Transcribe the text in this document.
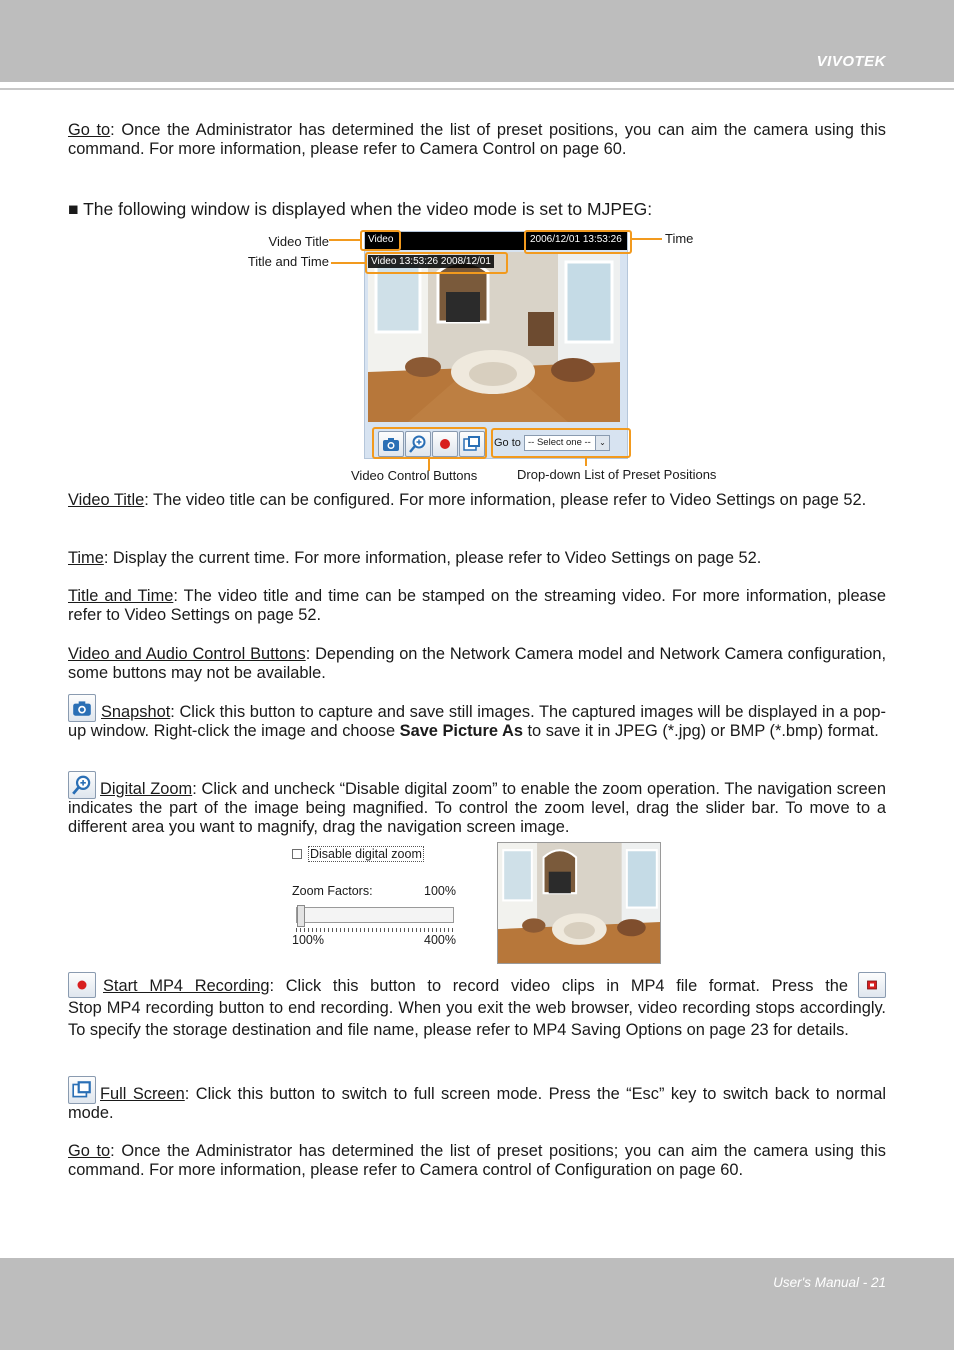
VIVOTEK

Go to: Once the Administrator has determined the list of preset positions, you can aim the camera using this command. For more information, please refer to Camera Control on page 60.

■ The following window is displayed when the video mode is set to MJPEG:

Video	2006/12/01 13:53:26
Video 13:53:26 2008/12/01
Go to -- Select one --	⌄
Video Title
Title and Time
Time
Video Control Buttons	Drop-down List of Preset Positions

Video Title: The video title can be configured. For more information, please refer to Video Settings on page 52.

Time: Display the current time. For more information, please refer to Video Settings on page 52.

Title and Time: The video title and time can be stamped on the streaming video. For more information, please refer to Video Settings on page 52.

Video and Audio Control Buttons: Depending on the Network Camera model and Network Camera configuration, some buttons may not be available.

Snapshot: Click this button to capture and save still images. The captured images will be displayed in a pop-up window. Right-click the image and choose Save Picture As to save it in JPEG (*.jpg) or BMP (*.bmp) format.

Digital Zoom: Click and uncheck “Disable digital zoom” to enable the zoom operation. The navigation screen indicates the part of the image being magnified. To control the zoom level, drag the slider bar. To move to a different area you want to magnify, drag the navigation screen image.

Disable digital zoom
Zoom Factors:	100%
100%	400%

Start MP4 Recording: Click this button to record video clips in MP4 file format. Press the

Stop MP4 recording button to end recording. When you exit the web browser, video recording stops accordingly. To specify the storage destination and file name, please refer to MP4 Saving Options on page 23 for details.

Full Screen: Click this button to switch to full screen mode. Press the “Esc” key to switch back to normal mode.

Go to: Once the Administrator has determined the list of preset positions; you can aim the camera using this command. For more information, please refer to Camera control of Configuration on page 60.

User's Manual - 21
